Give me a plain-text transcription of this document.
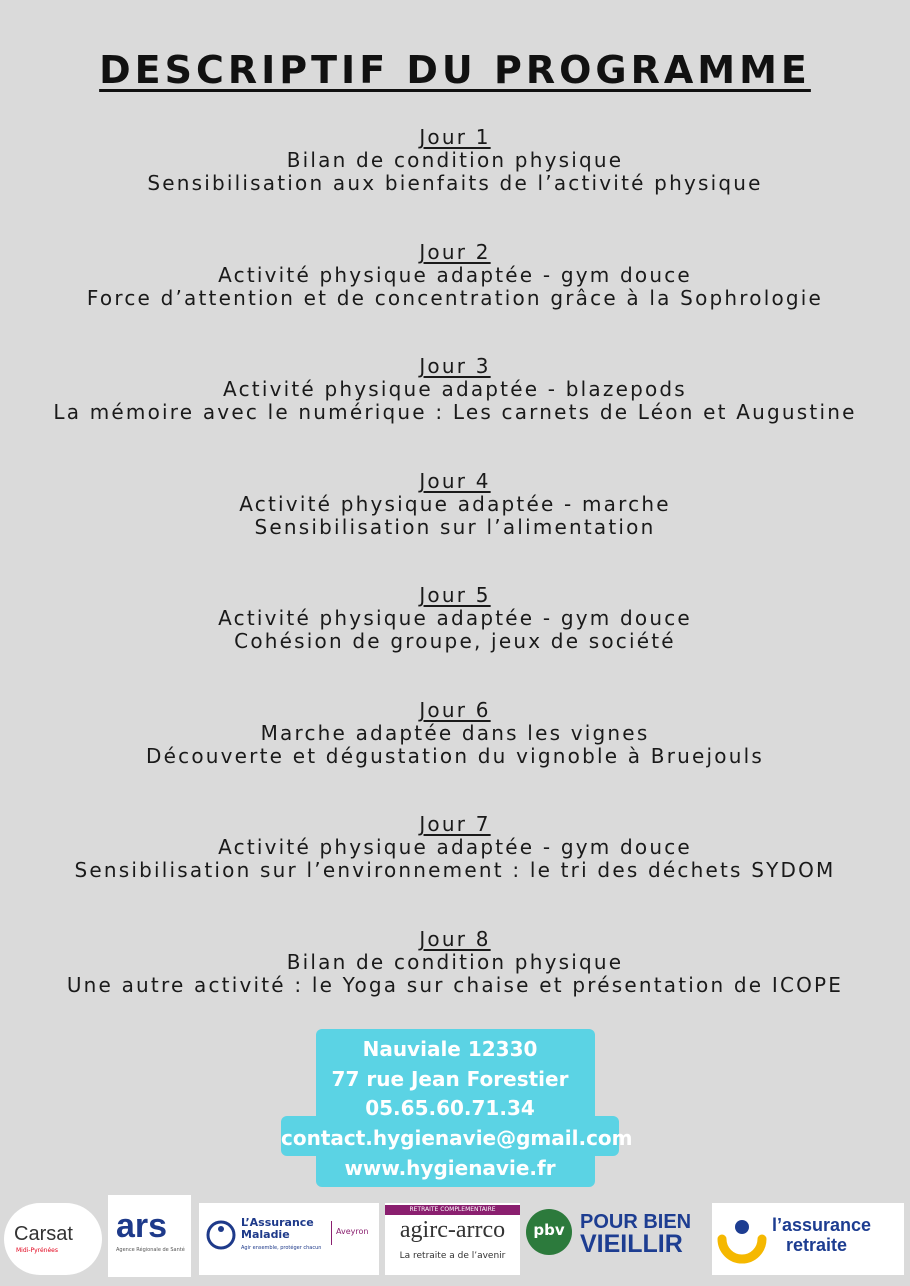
DESCRIPTIF DU PROGRAMME
Jour 1

Bilan de condition physique
Sensibilisation aux bienfaits de l’activité physique
Jour 2

Activité physique adaptée - gym douce
Force d’attention et de concentration grâce à la Sophrologie
Jour 3

Activité physique adaptée - blazepods
La mémoire avec le numérique : Les carnets de Léon et Augustine
Jour 4

Activité physique adaptée - marche
Sensibilisation sur l’alimentation
Jour 5

Activité physique adaptée - gym douce
Cohésion de groupe, jeux de société
Jour 6

Marche adaptée dans les vignes
Découverte et dégustation du vignoble à Bruejouls
Jour 7

Activité physique adaptée - gym douce
Sensibilisation sur l’environnement : le tri des déchets SYDOM
Jour 8

Bilan de condition physique
Une autre activité : le Yoga sur chaise et présentation de ICOPE
Nauviale 12330
77 rue Jean Forestier
05.65.60.71.34
contact.hygienavie@gmail.com
www.hygienavie.fr
Carsat
Midi-Pyrénées
ars
Agence Régionale de Santé
L’Assurance Maladie
Agir ensemble, protéger chacun
Aveyron
RETRAITE COMPLEMENTAIRE
agirc-arrco
La retraite a de l’avenir
pbv POUR BIEN
VIEILLIR
l’assurance
retraite
